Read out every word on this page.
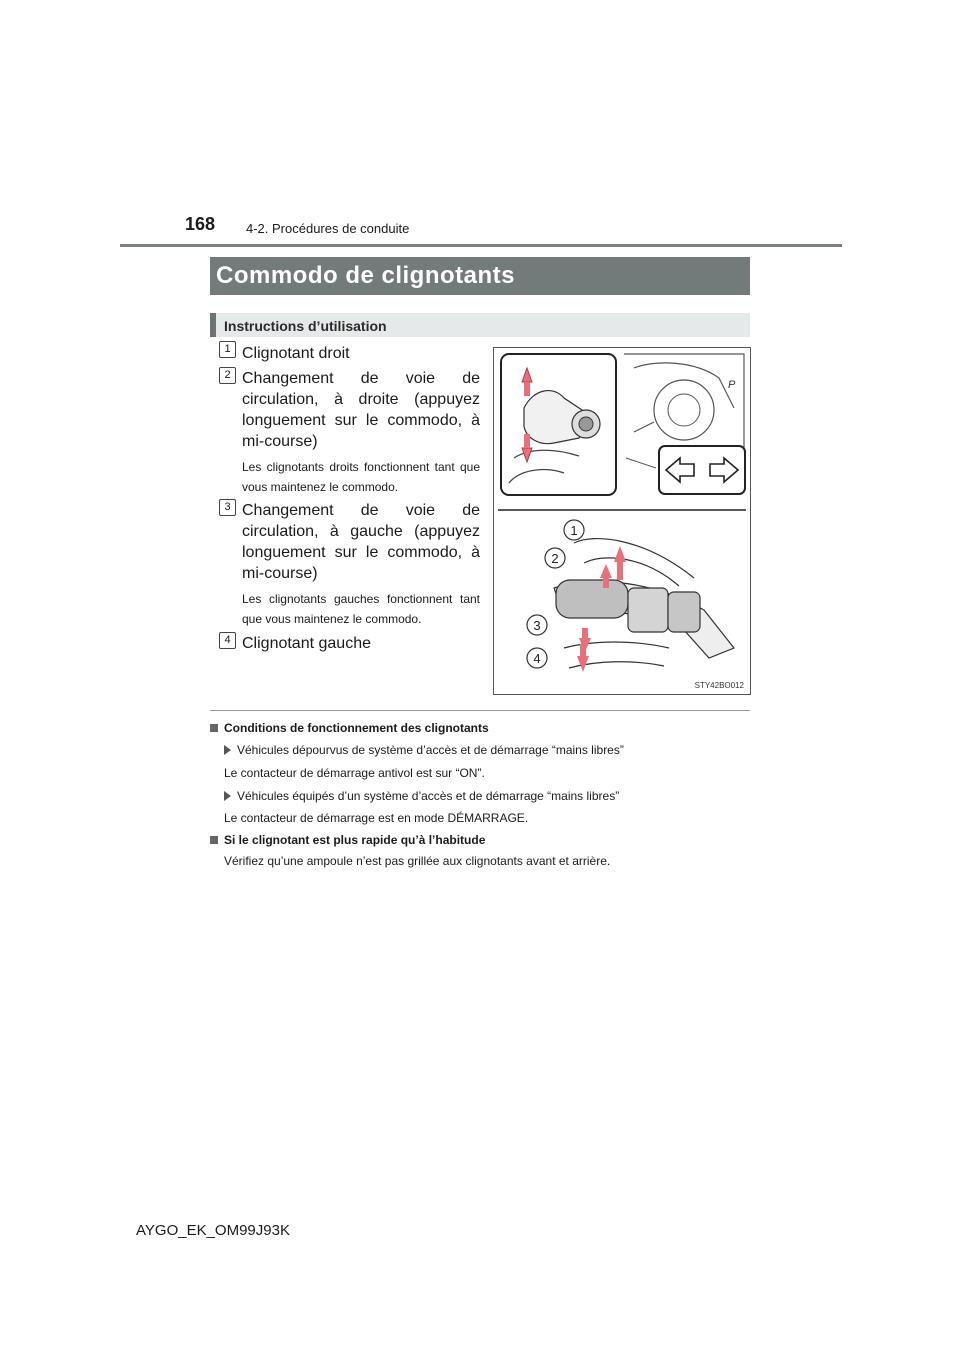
168 4-2. Procédures de conduite
Commodo de clignotants
Instructions d’utilisation
1 Clignotant droit
2 Changement de voie de circulation, à droite (appuyez longuement sur le commodo, à mi-course)
Les clignotants droits fonctionnent tant que vous maintenez le commodo.
3 Changement de voie de circulation, à gauche (appuyez longuement sur le commodo, à mi-course)
Les clignotants gauches fonctionnent tant que vous maintenez le commodo.
4 Clignotant gauche
P
1
2
3
4
STY42BO012
Conditions de fonctionnement des clignotants
Véhicules dépourvus de système d’accès et de démarrage “mains libres”
Le contacteur de démarrage antivol est sur “ON”.
Véhicules équipés d’un système d’accès et de démarrage “mains libres”
Le contacteur de démarrage est en mode DÉMARRAGE.
Si le clignotant est plus rapide qu’à l’habitude
Vérifiez qu’une ampoule n’est pas grillée aux clignotants avant et arrière.
AYGO_EK_OM99J93K
